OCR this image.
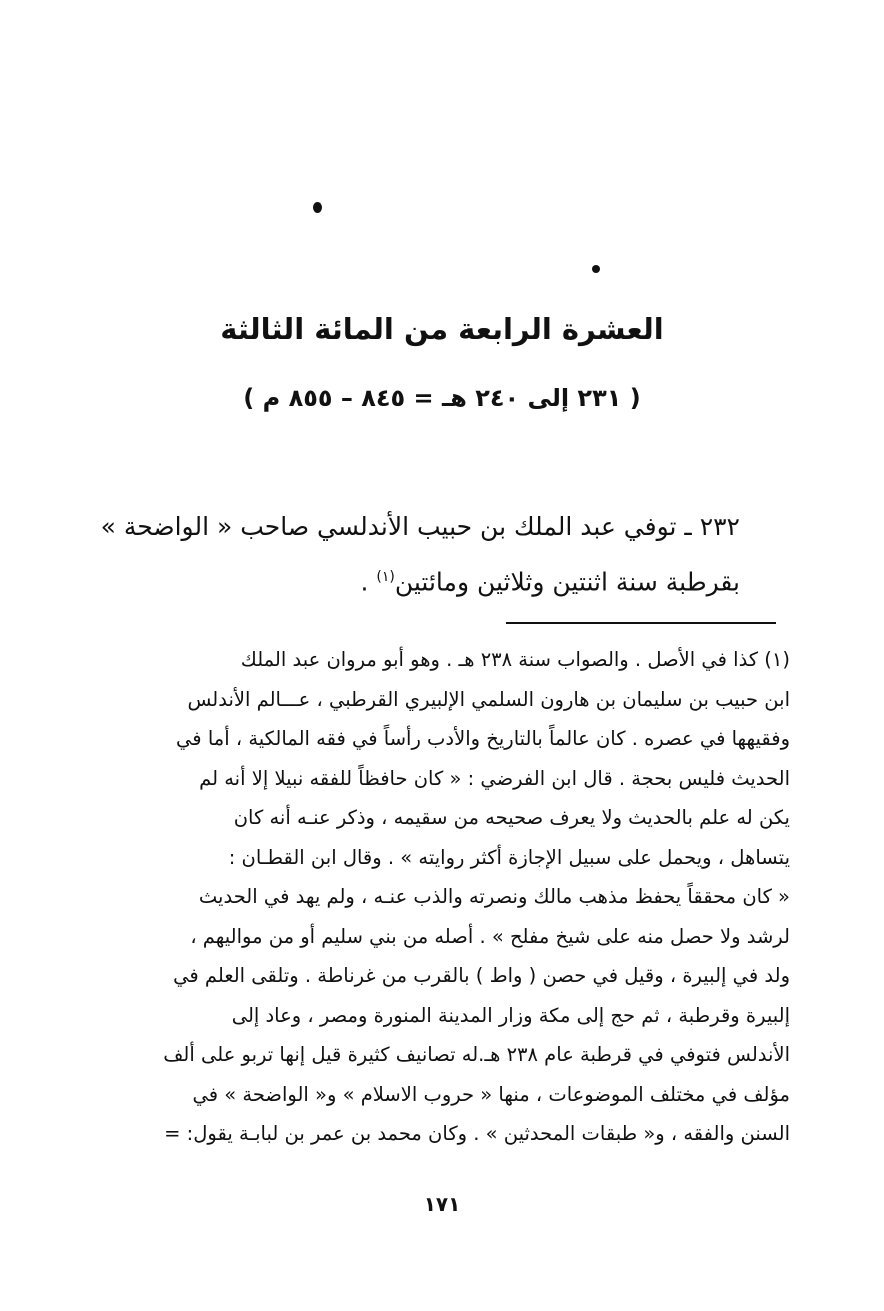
العشرة الرابعة من المائة الثالثة
( ٢٣١ إلى ٢٤٠ هـ = ٨٤٥ – ٨٥٥ م )
٢٣٢ ـ توفي عبد الملك بن حبيب الأندلسي صاحب « الواضحة »
بقرطبة سنة اثنتين وثلاثين ومائتين$^{(١)}$ .
(١) كذا في الأصل . والصواب سنة ٢٣٨ هـ . وهو أبو مروان عبد الملك
ابن حبيب بن سليمان بن هارون السلمي الإلبيري القرطبي ، عـــالم الأندلس
وفقيهها في عصره . كان عالماً بالتاريخ والأدب رأساً في فقه المالكية ، أما في
الحديث فليس بحجة . قال ابن الفرضي : « كان حافظاً للفقه نبيلا إلا أنه لم
يكن له علم بالحديث ولا يعرف صحيحه من سقيمه ، وذكر عنـه أنه كان
يتساهل ، ويحمل على سبيل الإجازة أكثر روايته » . وقال ابن القطـان :
« كان محققاً يحفظ مذهب مالك ونصرته والذب عنـه ، ولم يهد في الحديث
لرشد ولا حصل منه على شيخ مفلح » . أصله من بني سليم أو من مواليهم ،
ولد في إلبيرة ، وقيل في حصن ( واط ) بالقرب من غرناطة . وتلقى العلم في
إلبيرة وقرطبة ، ثم حج إلى مكة وزار المدينة المنورة ومصر ، وعاد إلى
الأندلس فتوفي في قرطبة عام ٢٣٨ هـ.له تصانيف كثيرة قيل إنها تربو على ألف
مؤلف في مختلف الموضوعات ، منها « حروب الاسلام » و« الواضحة » في
السنن والفقه ، و« طبقات المحدثين » . وكان محمد بن عمر بن لبابـة يقول: =
١٧١
